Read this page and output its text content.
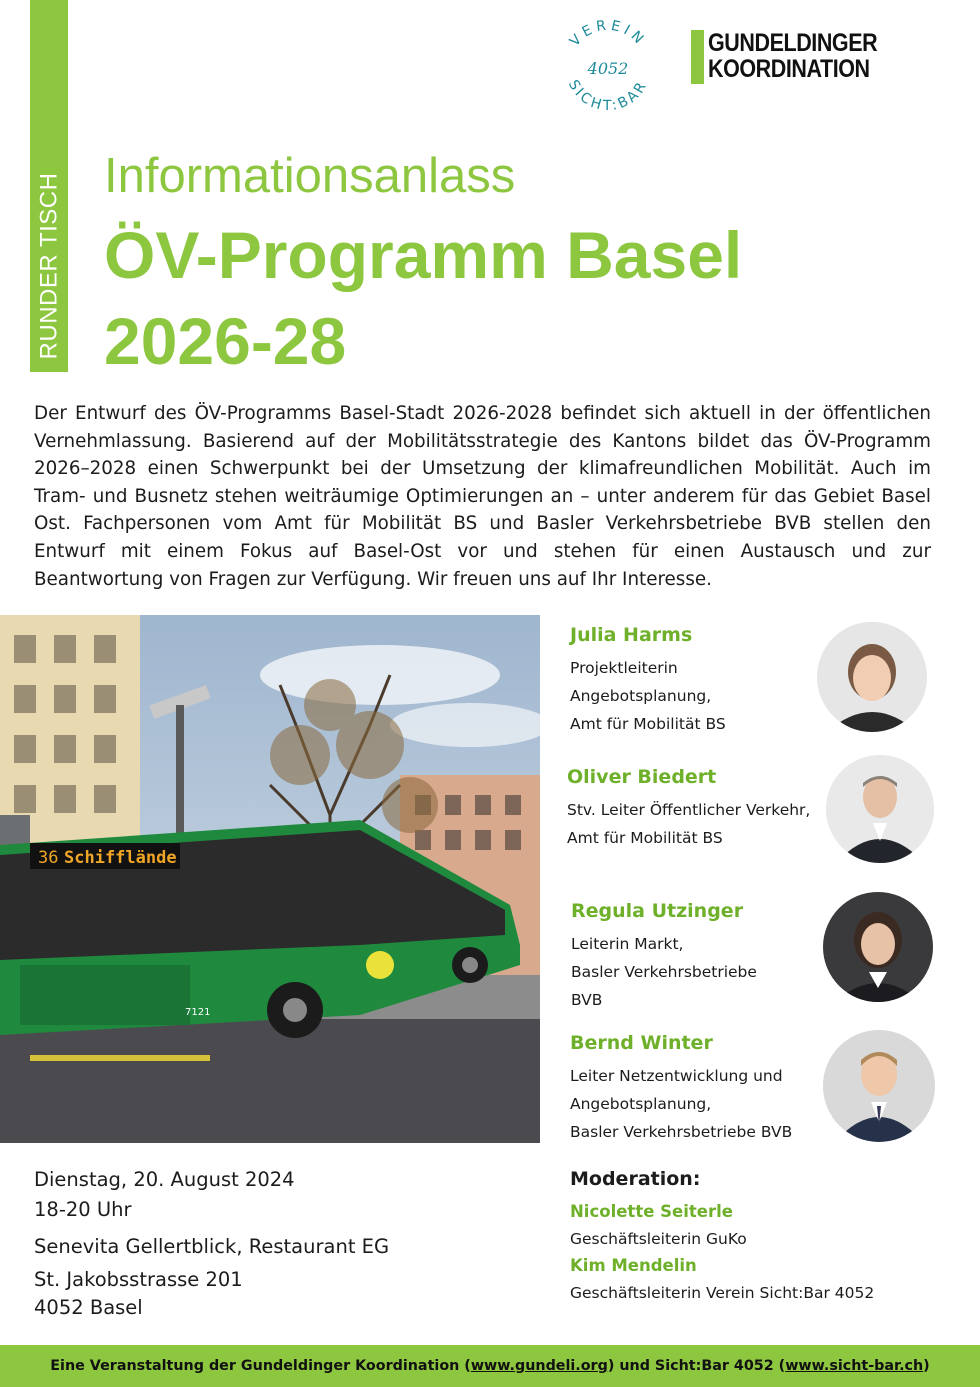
RUNDER TISCH
VEREIN
SICHT:BAR
4052
GUNDELDINGER
KOORDINATION
Informationsanlass
ÖV-Programm Basel
2026-28

Der Entwurf des ÖV-Programms Basel-Stadt 2026-2028 befindet sich aktuell in der öffentlichen Vernehmlassung. Basierend auf der Mobilitätsstrategie des Kantons bildet das ÖV-Programm 2026–2028 einen Schwerpunkt bei der Umsetzung der klimafreundlichen Mobilität. Auch im Tram- und Busnetz stehen weiträumige Optimierungen an – unter anderem für das Gebiet Basel Ost. Fachpersonen vom Amt für Mobilität BS und Basler Verkehrsbetriebe BVB stellen den Entwurf mit einem Fokus auf Basel-Ost vor und stehen für einen Austausch und zur Beantwortung von Fragen zur Verfügung. Wir freuen uns auf Ihr Interesse.

36 Schifflände
7121
Julia Harms
Projektleiterin
Angebotsplanung,
Amt für Mobilität BS
Oliver Biedert
Stv. Leiter Öffentlicher Verkehr,
Amt für Mobilität BS
Regula Utzinger
Leiterin Markt,
Basler Verkehrsbetriebe
BVB
Bernd Winter
Leiter Netzentwicklung und
Angebotsplanung,
Basler Verkehrsbetriebe BVB
Dienstag, 20. August 2024
18-20 Uhr
Senevita Gellertblick, Restaurant EG
St. Jakobsstrasse 201
4052 Basel
Moderation:
Nicolette Seiterle
Geschäftsleiterin GuKo
Kim Mendelin
Geschäftsleiterin Verein Sicht:Bar 4052
Eine Veranstaltung der Gundeldinger Koordination (www.gundeli.org) und Sicht:Bar 4052 (www.sicht-bar.ch)
